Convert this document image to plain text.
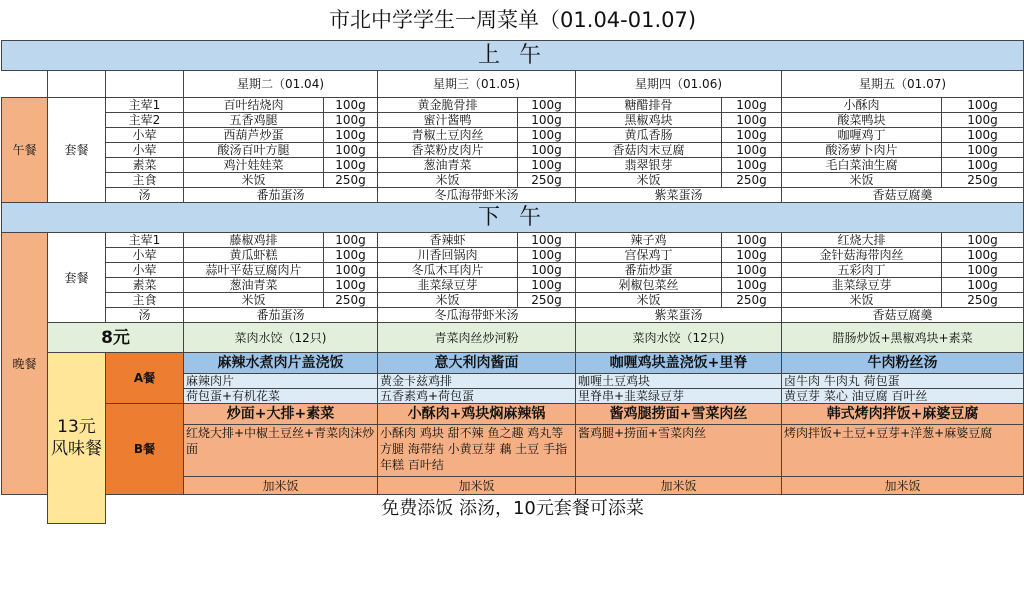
市北中学学生一周菜单（01.04-01.07)										
上 午										
			星期二（01.04)		星期三（01.05)		星期四（01.06)		星期五（01.07)	
午餐	套餐	主荤1	百叶结烧肉	100g	黄金脆骨排	100g	糖醋排骨	100g	小酥肉	100g
		主荤2	五香鸡腿	100g	蜜汁酱鸭	100g	黑椒鸡块	100g	酸菜鸭块	100g
		小荤	西葫芦炒蛋	100g	青椒土豆肉丝	100g	黄瓜香肠	100g	咖喱鸡丁	100g
		小荤	酸汤百叶方腿	100g	香菜粉皮肉片	100g	香菇肉末豆腐	100g	酸汤萝卜肉片	100g
		素菜	鸡汁娃娃菜	100g	葱油青菜	100g	翡翠银芽	100g	毛白菜油生腐	100g
		主食	米饭	250g	米饭	250g	米饭	250g	米饭	250g
		汤	番茄蛋汤		冬瓜海带虾米汤		紫菜蛋汤		香菇豆腐羹	
下 午										
晚餐	套餐	主荤1	藤椒鸡排	100g	香辣虾	100g	辣子鸡	100g	红烧大排	100g
		小荤	黄瓜虾糕	100g	川香回锅肉	100g	宫保鸡丁	100g	金针菇海带肉丝	100g
		小荤	蒜叶平菇豆腐肉片	100g	冬瓜木耳肉片	100g	番茄炒蛋	100g	五彩肉丁	100g
		素菜	葱油青菜	100g	韭菜绿豆芽	100g	剁椒包菜丝	100g	韭菜绿豆芽	100g
		主食	米饭	250g	米饭	250g	米饭	250g	米饭	250g
		汤	番茄蛋汤		冬瓜海带虾米汤		紫菜蛋汤		香菇豆腐羹	
	8元		菜肉水饺（12只)		青菜肉丝炒河粉		菜肉水饺（12只)		腊肠炒饭+黑椒鸡块+素菜	
	13元风味餐	A餐	麻辣水煮肉片盖浇饭		意大利肉酱面		咖喱鸡块盖浇饭+里脊		牛肉粉丝汤	
			麻辣肉片		黄金卡兹鸡排		咖喱土豆鸡块		卤牛肉 牛肉丸 荷包蛋	
			荷包蛋+有机花菜		五香素鸡+荷包蛋		里脊串+韭菜绿豆芽		黄豆芽 菜心 油豆腐 百叶丝	
		B餐	炒面+大排+素菜		小酥肉+鸡块焖麻辣锅		酱鸡腿捞面+雪菜肉丝		韩式烤肉拌饭+麻婆豆腐	
			红烧大排+中椒土豆丝+青菜肉沫炒面		小酥肉 鸡块 甜不辣 鱼之趣 鸡丸等 方腿 海带结 小黄豆芽 藕 土豆 手指年糕 百叶结		酱鸡腿+捞面+雪菜肉丝		烤肉拌饭+土豆+豆芽+洋葱+麻婆豆腐	
			加米饭		加米饭		加米饭		加米饭	
免费添饭 添汤，10元套餐可添菜										
